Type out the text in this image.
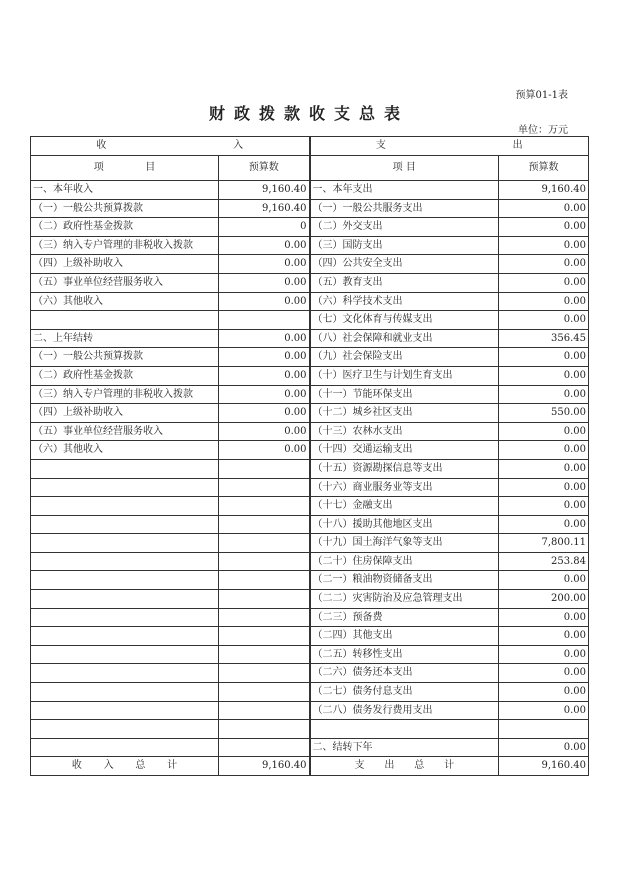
预算01-1表
财政拨款收支总表
单位：万元
收 入		支 出	

项 目	预算数	项 目	预算数
一、本年收入	9,160.40	一、本年支出	9,160.40
（一）一般公共预算拨款	9,160.40	（一）一般公共服务支出	0.00
（二）政府性基金拨款	0	（二）外交支出	0.00
（三）纳入专户管理的非税收入拨款	0.00	（三）国防支出	0.00
（四）上级补助收入	0.00	（四）公共安全支出	0.00
（五）事业单位经营服务收入	0.00	（五）教育支出	0.00
（六）其他收入	0.00	（六）科学技术支出	0.00
		（七）文化体育与传媒支出	0.00
二、上年结转	0.00	（八）社会保障和就业支出	356.45
（一）一般公共预算拨款	0.00	（九）社会保险支出	0.00
（二）政府性基金拨款	0.00	（十）医疗卫生与计划生育支出	0.00
（三）纳入专户管理的非税收入拨款	0.00	（十一）节能环保支出	0.00
（四）上级补助收入	0.00	（十二）城乡社区支出	550.00
（五）事业单位经营服务收入	0.00	（十三）农林水支出	0.00
（六）其他收入	0.00	（十四）交通运输支出	0.00
		（十五）资源勘探信息等支出	0.00
		（十六）商业服务业等支出	0.00
		（十七）金融支出	0.00
		（十八）援助其他地区支出	0.00
		（十九）国土海洋气象等支出	7,800.11
		（二十）住房保障支出	253.84
		（二一）粮油物资储备支出	0.00
		（二二）灾害防治及应急管理支出	200.00
		（二三）预备费	0.00
		（二四）其他支出	0.00
		（二五）转移性支出	0.00
		（二六）债务还本支出	0.00
		（二七）债务付息支出	0.00
		（二八）债务发行费用支出	0.00

		二、结转下年	0.00

收 入 总 计	9,160.40	支 出 总 计	9,160.40
